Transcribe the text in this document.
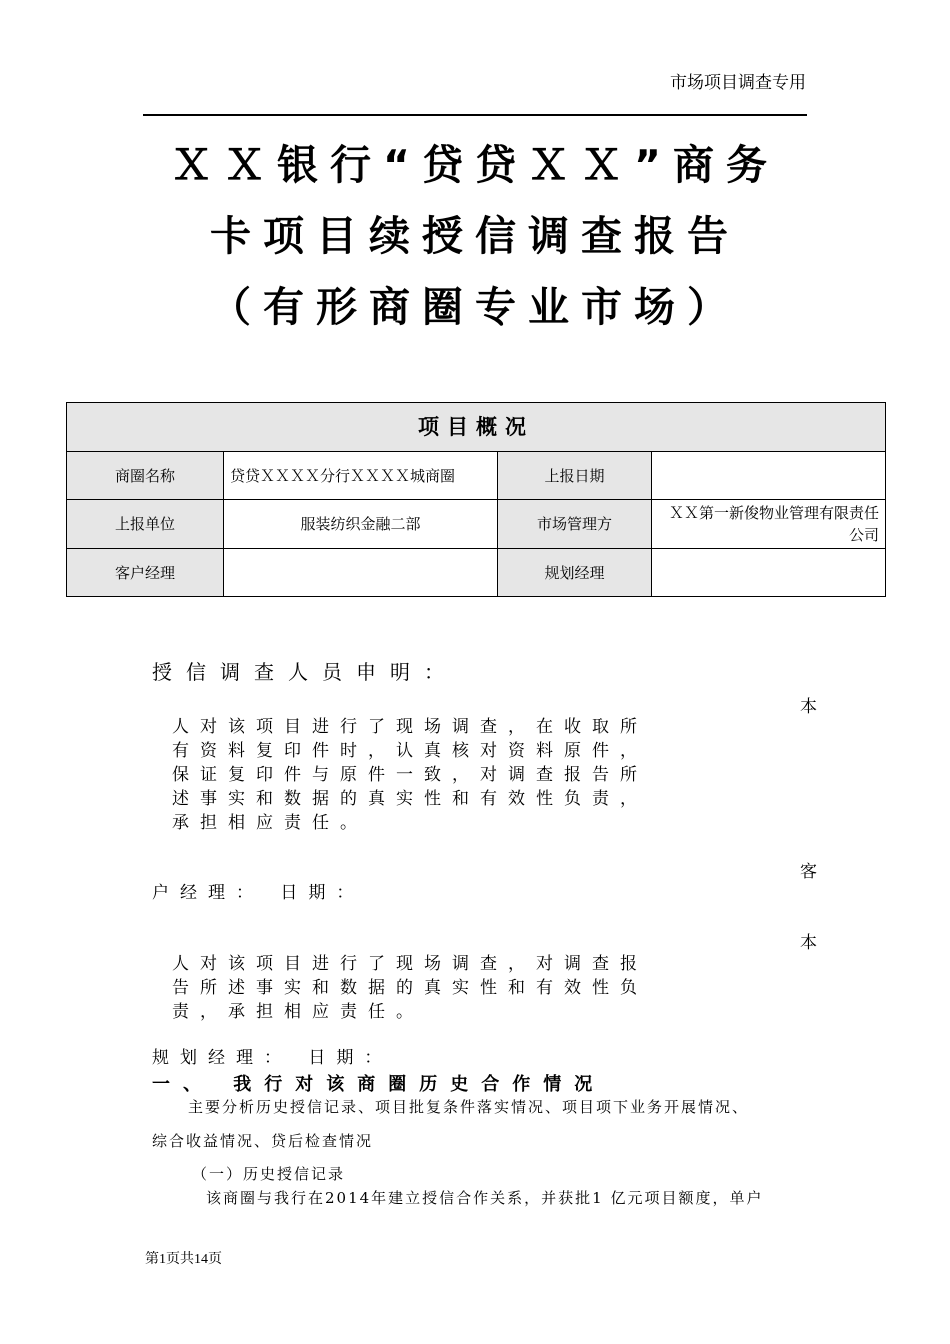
市场项目调查专用
ＸＸ银行“贷贷ＸＸ”商务
卡项目续授信调查报告
（有形商圈专业市场）
项目概况			
商圈名称	贷贷ＸＸＸＸ分行ＸＸＸＸ城商圈	上报日期	
上报单位	服装纺织金融二部	市场管理方	ＸＸ第一新俊物业管理有限责任公司
客户经理		规划经理	
授信调查人员申明：
本
人对该项目进行了现场调查，在收取所
有资料复印件时，认真核对资料原件，
保证复印件与原件一致，对调查报告所
述事实和数据的真实性和有效性负责，
承担相应责任。
客
户经理： 日期：
本
人对该项目进行了现场调查，对调查报
告所述事实和数据的真实性和有效性负
责，承担相应责任。
规划经理： 日期：
一、 我行对该商圈历史合作情况
主要分析历史授信记录、项目批复条件落实情况、项目项下业务开展情况、
综合收益情况、贷后检查情况
（一）历史授信记录
该商圈与我行在2014年建立授信合作关系，并获批1 亿元项目额度，单户
第1页共14页
